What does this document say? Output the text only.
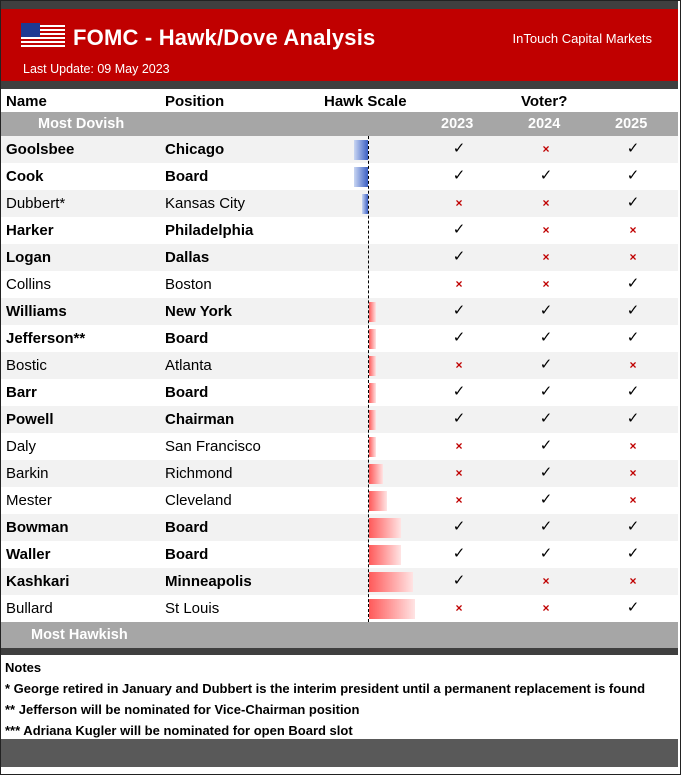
FOMC - Hawk/Dove Analysis	InTouch Capital Markets
Last Update: 09 May 2023
Name	Position	Hawk Scale	Voter?
Most Dovish	2023	2024	2025
Goolsbee	Chicago	✓	×	✓
Cook	Board	✓	✓	✓
Dubbert*	Kansas City	×	×	✓
Harker	Philadelphia	✓	×	×
Logan	Dallas	✓	×	×
Collins	Boston	×	×	✓
Williams	New York	✓	✓	✓
Jefferson**	Board	✓	✓	✓
Bostic	Atlanta	×	✓	×
Barr	Board	✓	✓	✓
Powell	Chairman	✓	✓	✓
Daly	San Francisco	×	✓	×
Barkin	Richmond	×	✓	×
Mester	Cleveland	×	✓	×
Bowman	Board	✓	✓	✓
Waller	Board	✓	✓	✓
Kashkari	Minneapolis	✓	×	×
Bullard	St Louis	×	×	✓
Most Hawkish
Notes
* George retired in January and Dubbert is the interim president until a permanent replacement is found
** Jefferson will be nominated for Vice-Chairman position
*** Adriana Kugler will be nominated for open Board slot
